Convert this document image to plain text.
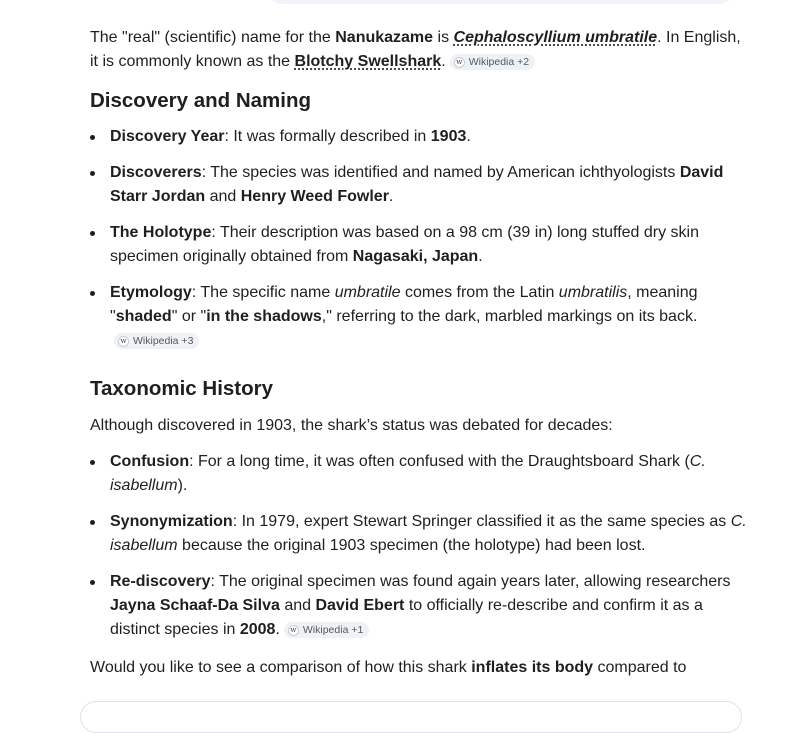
The "real" (scientific) name for the Nanukazame is Cephaloscyllium umbratile. In English, it is commonly known as the Blotchy Swellshark.	w Wikipedia +2

Discovery and Naming
Discovery Year: It was formally described in 1903.
Discoverers: The species was identified and named by American ichthyologists David Starr Jordan and Henry Weed Fowler.
The Holotype: Their description was based on a 98 cm (39 in) long stuffed dry skin specimen originally obtained from Nagasaki, Japan.
Etymology: The specific name umbratile comes from the Latin umbratilis, meaning "shaded" or "in the shadows," referring to the dark, marbled markings on its back.
w Wikipedia +3
Taxonomic History

Although discovered in 1903, the shark’s status was debated for decades:

Confusion: For a long time, it was often confused with the Draughtsboard Shark (C. isabellum).
Synonymization: In 1979, expert Stewart Springer classified it as the same species as C. isabellum because the original 1903 specimen (the holotype) had been lost.
Re-discovery: The original specimen was found again years later, allowing researchers Jayna Schaaf-Da Silva and David Ebert to officially re-describe and confirm it as a distinct species in 2008.	w Wikipedia +1

Would you like to see a comparison of how this shark inflates its body compared to
